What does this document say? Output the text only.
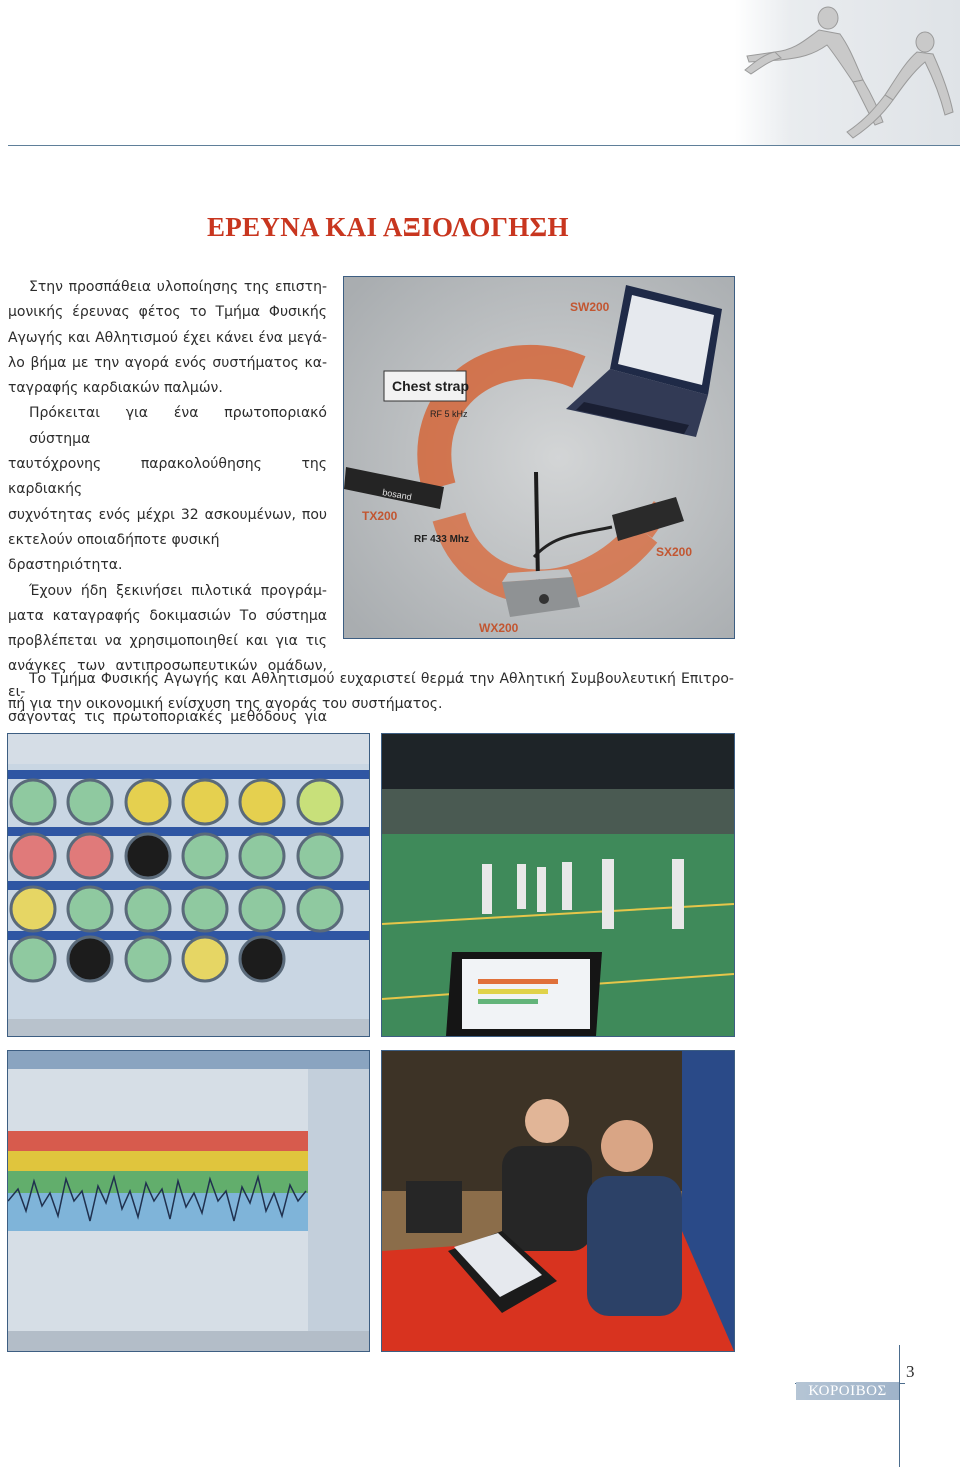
ΕΡΕΥΝΑ ΚΑΙ ΑΞΙΟΛΟΓΗΣΗ
Στην προσπάθεια υλοποίησης της επιστη-
μονικής έρευνας φέτος το Τμήμα Φυσικής
Αγωγής και Αθλητισμού έχει κάνει ένα μεγά-
λο βήμα με την αγορά ενός συστήματος κα-
ταγραφής καρδιακών παλμών.
Πρόκειται για ένα πρωτοποριακό σύστημα
ταυτόχρονης παρακολούθησης της καρδιακής
συχνότητας ενός μέχρι 32 ασκουμένων, που
εκτελούν οποιαδήποτε φυσική δραστηριότητα.
Έχουν ήδη ξεκινήσει πιλοτικά προγράμ-
ματα καταγραφής δοκιμασιών Το σύστημα
προβλέπεται να χρησιμοποιηθεί και για τις
ανάγκες των αντιπροσωπευτικών ομάδων, ει-
σάγοντας τις πρωτοποριακές μεθόδους για
Το Τμήμα Φυσικής Αγωγής και Αθλητισμού ευχαριστεί θερμά την Αθλητική Συμβουλευτική Επιτρο-
πή για την οικονομική ενίσχυση της αγοράς του συστήματος.
Chest strap
RF 5 kHz
SW200
bosand
TX200
RF 433 Mhz
SX200
WX200
3
ΚΟΡΟΙΒΟΣ
